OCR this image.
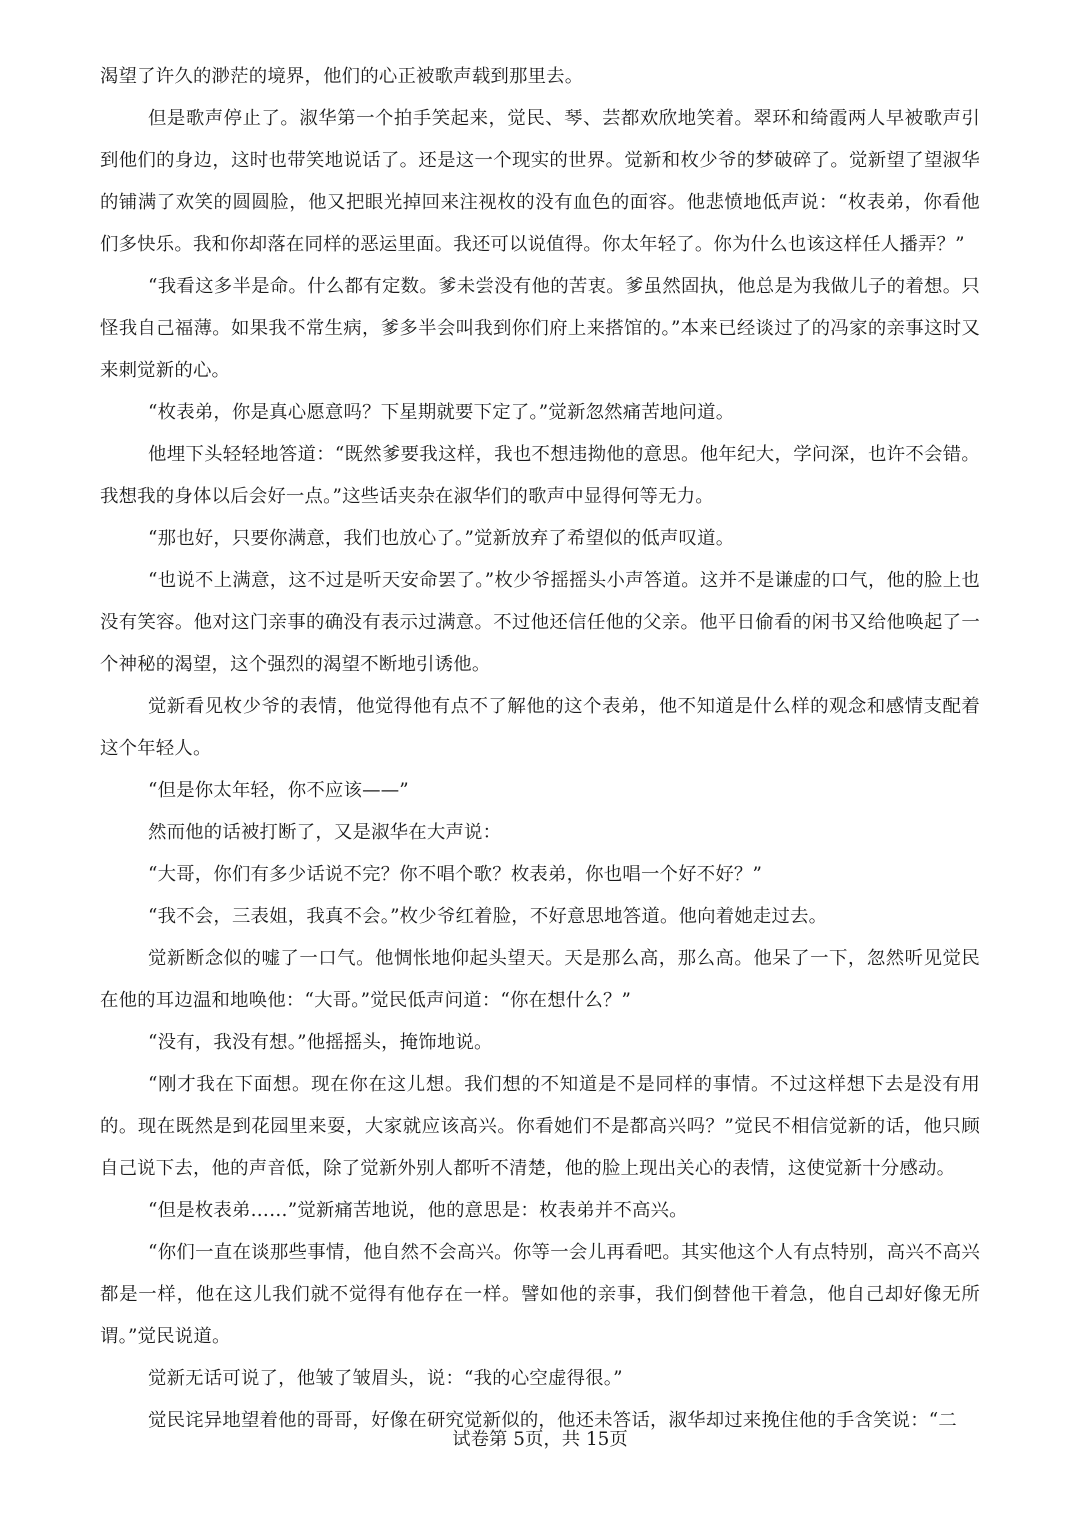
渴望了许久的渺茫的境界，他们的心正被歌声载到那里去。

但是歌声停止了。淑华第一个拍手笑起来，觉民、琴、芸都欢欣地笑着。翠环和绮霞两人早被歌声引到他们的身边，这时也带笑地说话了。还是这一个现实的世界。觉新和枚少爷的梦破碎了。觉新望了望淑华的铺满了欢笑的圆圆脸，他又把眼光掉回来注视枚的没有血色的面容。他悲愤地低声说：“枚表弟，你看他们多快乐。我和你却落在同样的恶运里面。我还可以说值得。你太年轻了。你为什么也该这样任人播弄？”

“我看这多半是命。什么都有定数。爹未尝没有他的苦衷。爹虽然固执，他总是为我做儿子的着想。只怪我自己福薄。如果我不常生病，爹多半会叫我到你们府上来搭馆的。”本来已经谈过了的冯家的亲事这时又来刺觉新的心。

“枚表弟，你是真心愿意吗？下星期就要下定了。”觉新忽然痛苦地问道。

他埋下头轻轻地答道：“既然爹要我这样，我也不想违拗他的意思。他年纪大，学问深，也许不会错。我想我的身体以后会好一点。”这些话夹杂在淑华们的歌声中显得何等无力。

“那也好，只要你满意，我们也放心了。”觉新放弃了希望似的低声叹道。

“也说不上满意，这不过是听天安命罢了。”枚少爷摇摇头小声答道。这并不是谦虚的口气，他的脸上也没有笑容。他对这门亲事的确没有表示过满意。不过他还信任他的父亲。他平日偷看的闲书又给他唤起了一个神秘的渴望，这个强烈的渴望不断地引诱他。

觉新看见枚少爷的表情，他觉得他有点不了解他的这个表弟，他不知道是什么样的观念和感情支配着这个年轻人。

“但是你太年轻，你不应该——”

然而他的话被打断了，又是淑华在大声说：

“大哥，你们有多少话说不完？你不唱个歌？枚表弟，你也唱一个好不好？”

“我不会，三表姐，我真不会。”枚少爷红着脸，不好意思地答道。他向着她走过去。

觉新断念似的嘘了一口气。他惆怅地仰起头望天。天是那么高，那么高。他呆了一下，忽然听见觉民在他的耳边温和地唤他：“大哥。”觉民低声问道：“你在想什么？”

“没有，我没有想。”他摇摇头，掩饰地说。

“刚才我在下面想。现在你在这儿想。我们想的不知道是不是同样的事情。不过这样想下去是没有用的。现在既然是到花园里来耍，大家就应该高兴。你看她们不是都高兴吗？”觉民不相信觉新的话，他只顾自己说下去，他的声音低，除了觉新外别人都听不清楚，他的脸上现出关心的表情，这使觉新十分感动。

“但是枚表弟……”觉新痛苦地说，他的意思是：枚表弟并不高兴。

“你们一直在谈那些事情，他自然不会高兴。你等一会儿再看吧。其实他这个人有点特别，高兴不高兴都是一样，他在这儿我们就不觉得有他存在一样。譬如他的亲事，我们倒替他干着急，他自己却好像无所谓。”觉民说道。

觉新无话可说了，他皱了皱眉头，说：“我的心空虚得很。”

觉民诧异地望着他的哥哥，好像在研究觉新似的，他还未答话，淑华却过来挽住他的手含笑说：“二

试卷第 5页，共 15页
